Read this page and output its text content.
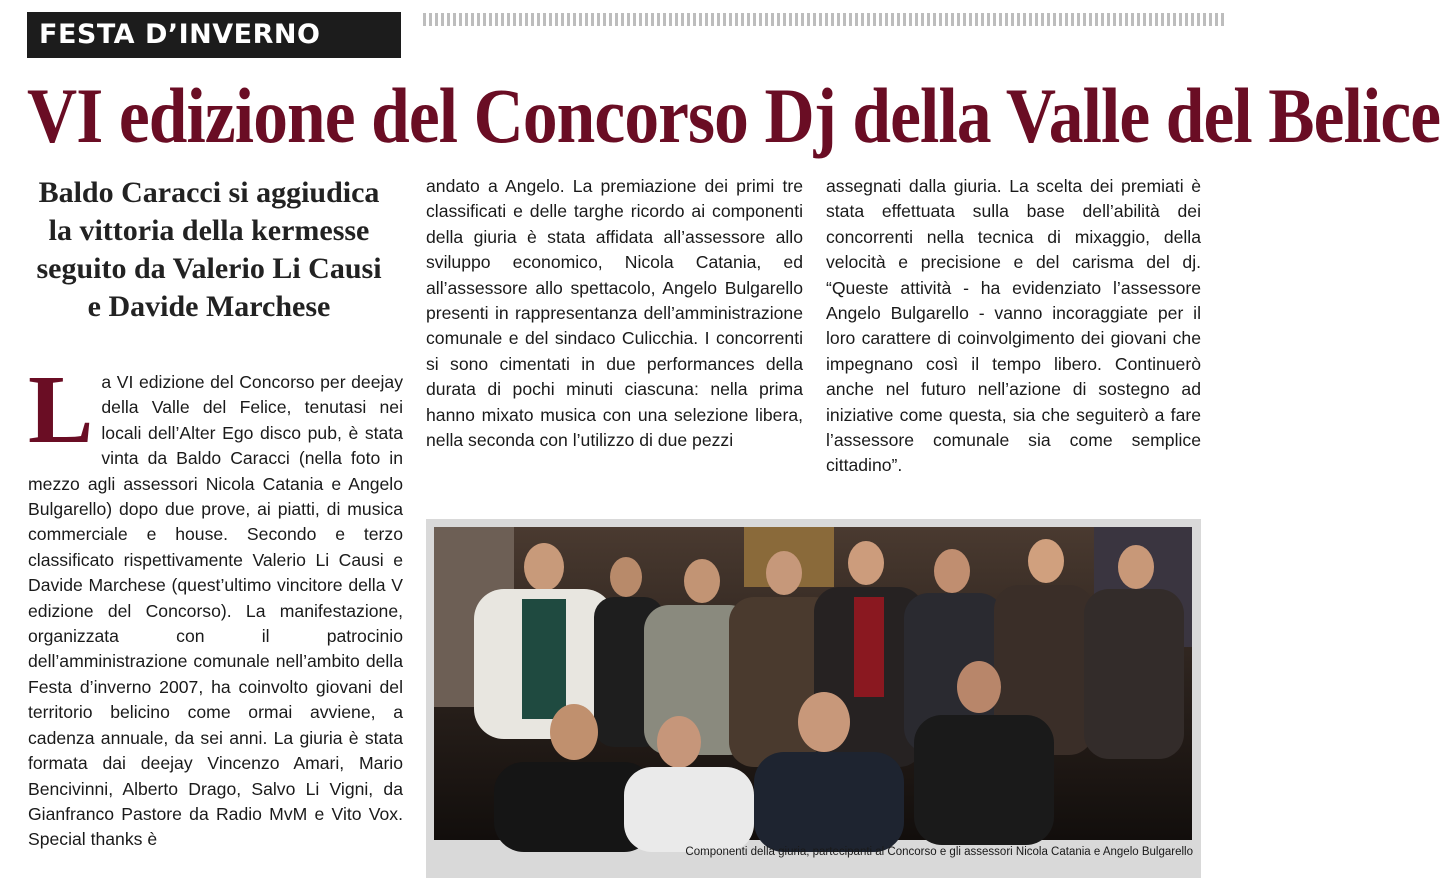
FESTA D’INVERNO
VI edizione del Concorso Dj della Valle del Belice
Baldo Caracci si aggiudica la vittoria della kermesse seguito da Valerio Li Causi e Davide Marchese
L a VI edizione del Concorso per deejay della Valle del Felice, tenutasi nei locali dell’Alter Ego disco pub, è stata vinta da Baldo Caracci (nella foto in mezzo agli assessori Nicola Catania e Angelo Bulgarello) dopo due prove, ai piatti, di musica commerciale e house. Secondo e terzo classificato rispettivamente Valerio Li Causi e Davide Marchese (quest’ultimo vincitore della V edizione del Concorso). La manifestazione, organizzata con il patrocinio dell’amministrazione comunale nell’ambito della Festa d’inverno 2007, ha coinvolto giovani del territorio belicino come ormai avviene, a cadenza annuale, da sei anni. La giuria è stata formata dai deejay Vincenzo Amari, Mario Bencivinni, Alberto Drago, Salvo Li Vigni, da Gianfranco Pastore da Radio MvM e Vito Vox. Special thanks è

andato a Angelo. La premiazione dei primi tre classificati e delle targhe ricordo ai componenti della giuria è stata affidata all’assessore allo sviluppo economico, Nicola Catania, ed all’assessore allo spettacolo, Angelo Bulgarello presenti in rappresentanza dell’amministrazione comunale e del sindaco Culicchia. I concorrenti si sono cimentati in due performances della durata di pochi minuti ciascuna: nella prima hanno mixato musica con una selezione libera, nella seconda con l’utilizzo di due pezzi

assegnati dalla giuria. La scelta dei premiati è stata effettuata sulla base dell’abilità dei concorrenti nella tecnica di mixaggio, della velocità e precisione e del carisma del dj. “Queste attività - ha evidenziato l’assessore Angelo Bulgarello - vanno incoraggiate per il loro carattere di coinvolgimento dei giovani che impegnano così il tempo libero. Continuerò anche nel futuro nell’azione di sostegno ad iniziative come questa, sia che seguiterò a fare l’assessore comunale sia come semplice cittadino”.

Componenti della giuria, partecipanti al Concorso e gli assessori Nicola Catania e Angelo Bulgarello
